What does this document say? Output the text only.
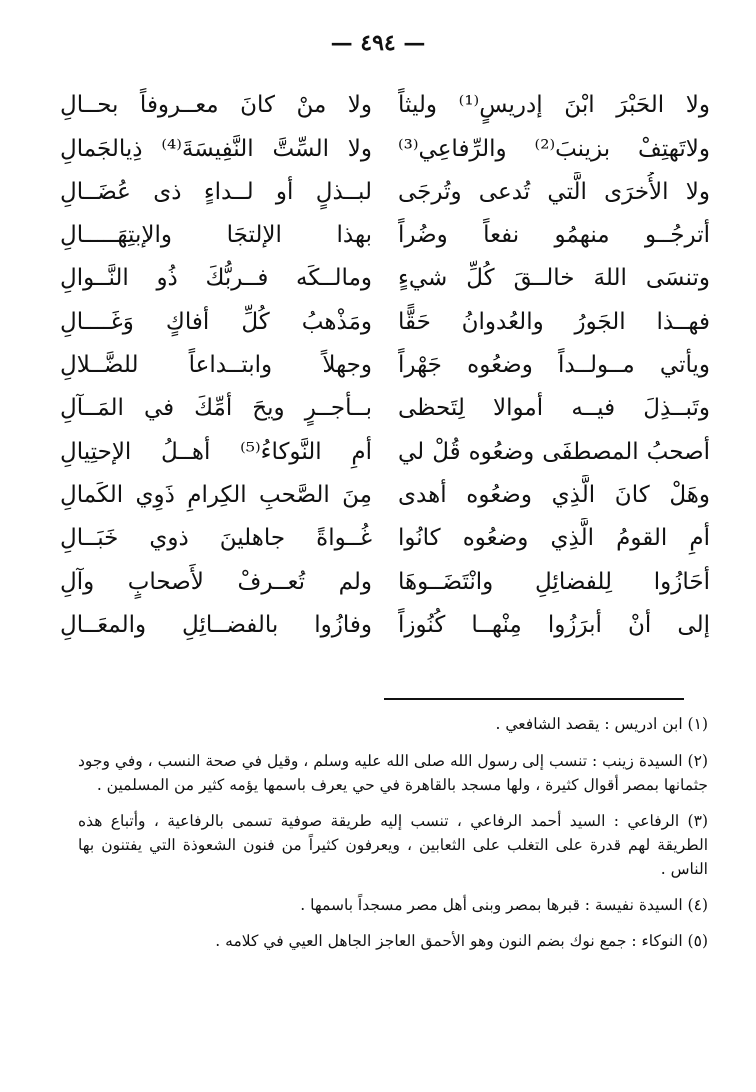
— ٤٩٤ —
ولا الحَبْرَ ابْنَ إدريسٍ⁽¹⁾ وليثاً
ولا منْ كانَ معــروفاً بحــالِ
ولاتَهتِفْ بزينبَ⁽²⁾ والرِّفاعِي⁽³⁾
ولا السِّتَّ النَّفِيسَةَ⁽⁴⁾ ذِيالجَمالِ
ولا الأُخرَى الَّتي تُدعى وتُرجَى
لبــذلٍ أو لــداءٍ ذى عُضَــالِ
أترجُــو منهمُو نفعاً وضُراً
بهذا الإلتجَا والإبتِهَـــــالِ
وتنسَى اللهَ خالــقَ كُلِّ شيءٍ
ومالــكَه فــربُّكَ ذُو النَّــوالِ
فهــذا الجَورُ والعُدوانُ حَقًّا
ومَذْهبُ كُلِّ أفاكٍ وَغَــــالِ
ويأتي مــولــداً وضعُوه جَهْراً
وجهلاً وابتــداعاً للضَّــلالِ
وتَبــذِلَ فيــه أموالا لِتَحظى
بــأجــرٍ ويحَ أمِّكَ في المَــآلِ
أصحبُ المصطفَى وضعُوه قُلْ لي
أمِ النَّوكاءُ⁽⁵⁾ أهــلُ الإحتِيالِ
وهَلْ كانَ الَّذِي وضعُوه أهدى
مِنَ الصَّحبِ الكِرامِ ذَوِي الكَمالِ
أمِ القومُ الَّذِي وضعُوه كانُوا
غُــواةً جاهلينَ ذوي خَبَــالِ
أحَازُوا لِلفضائِلِ وانْتَضَــوهَا
ولم تُعــرفْ لأَصحابٍ وآلِ
إلى أنْ أبرَزُوا مِنْهــا كُنُوزاً
وفازُوا بالفضــائِلِ والمعَــالِ

(١) ابن ادريس : يقصد الشافعي .

(٢) السيدة زينب : تنسب إلى رسول الله صلى الله عليه وسلم ، وقيل في صحة النسب ، وفي وجود جثمانها بمصر أقوال كثيرة ، ولها مسجد بالقاهرة في حي يعرف باسمها يؤمه كثير من المسلمين .

(٣) الرفاعي : السيد أحمد الرفاعي ، تنسب إليه طريقة صوفية تسمى بالرفاعية ، وأتباع هذه الطريقة لهم قدرة على التغلب على الثعابين ، ويعرفون كثيراً من فنون الشعوذة التي يفتنون بها الناس .

(٤) السيدة نفيسة : قبرها بمصر وبنى أهل مصر مسجداً باسمها .

(٥) النوكاء : جمع نوك بضم النون وهو الأحمق العاجز الجاهل العيي في كلامه .
